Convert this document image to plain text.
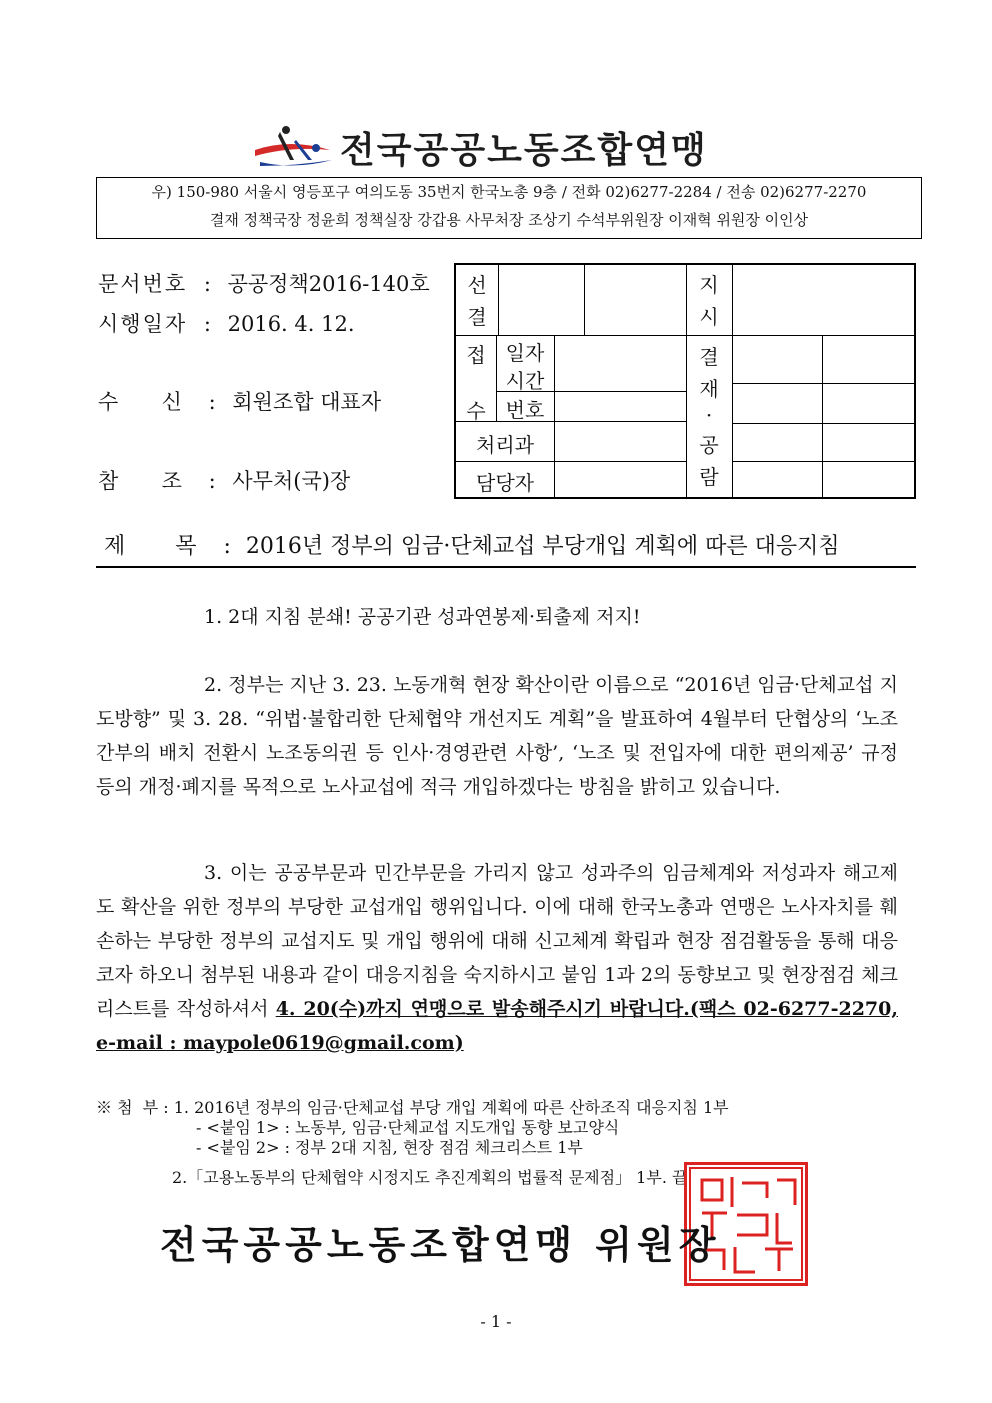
전국공공노동조합연맹
우) 150-980 서울시 영등포구 여의도동 35번지 한국노총 9층 / 전화 02)6277-2284 / 전송 02)6277-2270
결재 정책국장 정윤희 정책실장 강갑용 사무처장 조상기 수석부위원장 이재혁 위원장 이인상
문서번호 : 공공정책2016-140호
시행일자 : 2016. 4. 12.
수  신 : 회원조합 대표자
참  조 : 사무처(국)장
선
결
지
시
접
수
일자
시간
번호
처리과
담당자
결
재
·
공
람
제  목 : 2016년 정부의 임금·단체교섭 부당개입 계획에 따른 대응지침
1. 2대 지침 분쇄! 공공기관 성과연봉제·퇴출제 저지!
2. 정부는 지난 3. 23. 노동개혁 현장 확산이란 이름으로 “2016년 임금·단체교섭 지도방향” 및 3. 28. “위법·불합리한 단체협약 개선지도 계획”을 발표하여 4월부터 단협상의 ‘노조간부의 배치 전환시 노조동의권 등 인사·경영관련 사항’, ‘노조 및 전입자에 대한 편의제공’ 규정 등의 개정·폐지를 목적으로 노사교섭에 적극 개입하겠다는 방침을 밝히고 있습니다.
3. 이는 공공부문과 민간부문을 가리지 않고 성과주의 임금체계와 저성과자 해고제도 확산을 위한 정부의 부당한 교섭개입 행위입니다. 이에 대해 한국노총과 연맹은 노사자치를 훼손하는 부당한 정부의 교섭지도 및 개입 행위에 대해 신고체계 확립과 현장 점검활동을 통해 대응코자 하오니 첨부된 내용과 같이 대응지침을 숙지하시고 붙임 1과 2의 동향보고 및 현장점검 체크리스트를 작성하셔서 4. 20(수)까지 연맹으로 발송해주시기 바랍니다.(팩스 02-6277-2270, e-mail : maypole0619@gmail.com)
※ 첨  부 : 1. 2016년 정부의 임금·단체교섭 부당 개입 계획에 따른 산하조직 대응지침 1부
- <붙임 1> : 노동부, 임금·단체교섭 지도개입 동향 보고양식
- <붙임 2> : 정부 2대 지침, 현장 점검 체크리스트 1부
2.「고용노동부의 단체협약 시정지도 추진계획의 법률적 문제점」 1부. 끝.
전국공공노동조합연맹 위원장
- 1 -
